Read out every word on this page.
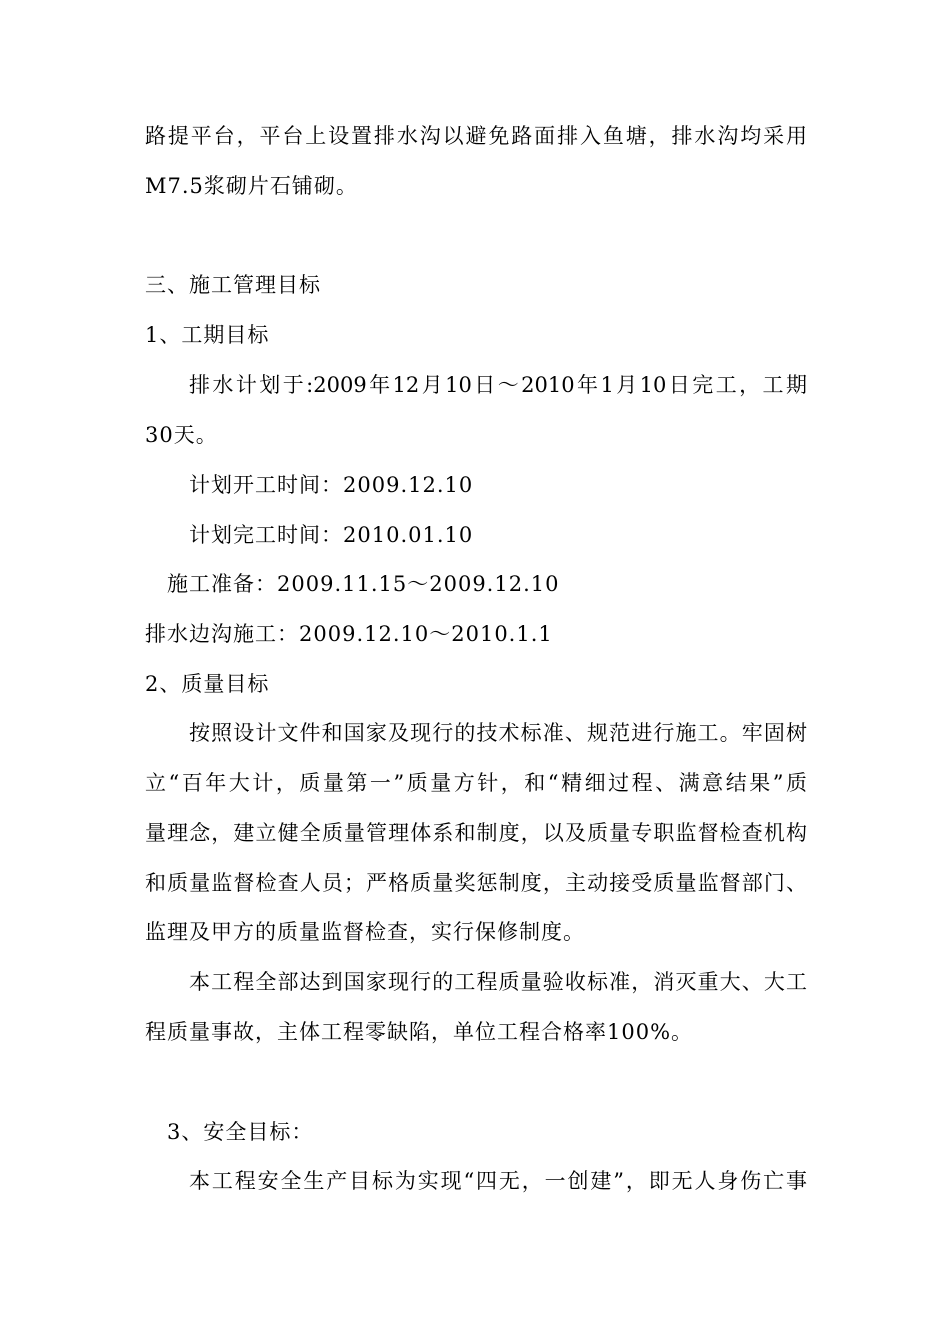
路提平台，平台上设置排水沟以避免路面排入鱼塘，排水沟均采用
M7.5浆砌片石铺砌。
三、施工管理目标
1、工期目标
排水计划于:2009年12月10日～2010年1月10日完工，工期
30天。
计划开工时间：2009.12.10
计划完工时间：2010.01.10
施工准备：2009.11.15～2009.12.10
排水边沟施工：2009.12.10～2010.1.1
2、质量目标
按照设计文件和国家及现行的技术标准、规范进行施工。牢固树
立“百年大计，质量第一”质量方针，和“精细过程、满意结果”质
量理念，建立健全质量管理体系和制度，以及质量专职监督检查机构
和质量监督检查人员；严格质量奖惩制度，主动接受质量监督部门、
监理及甲方的质量监督检查，实行保修制度。
本工程全部达到国家现行的工程质量验收标准，消灭重大、大工
程质量事故，主体工程零缺陷，单位工程合格率100%。
3、安全目标：
本工程安全生产目标为实现“四无，一创建”，即无人身伤亡事
